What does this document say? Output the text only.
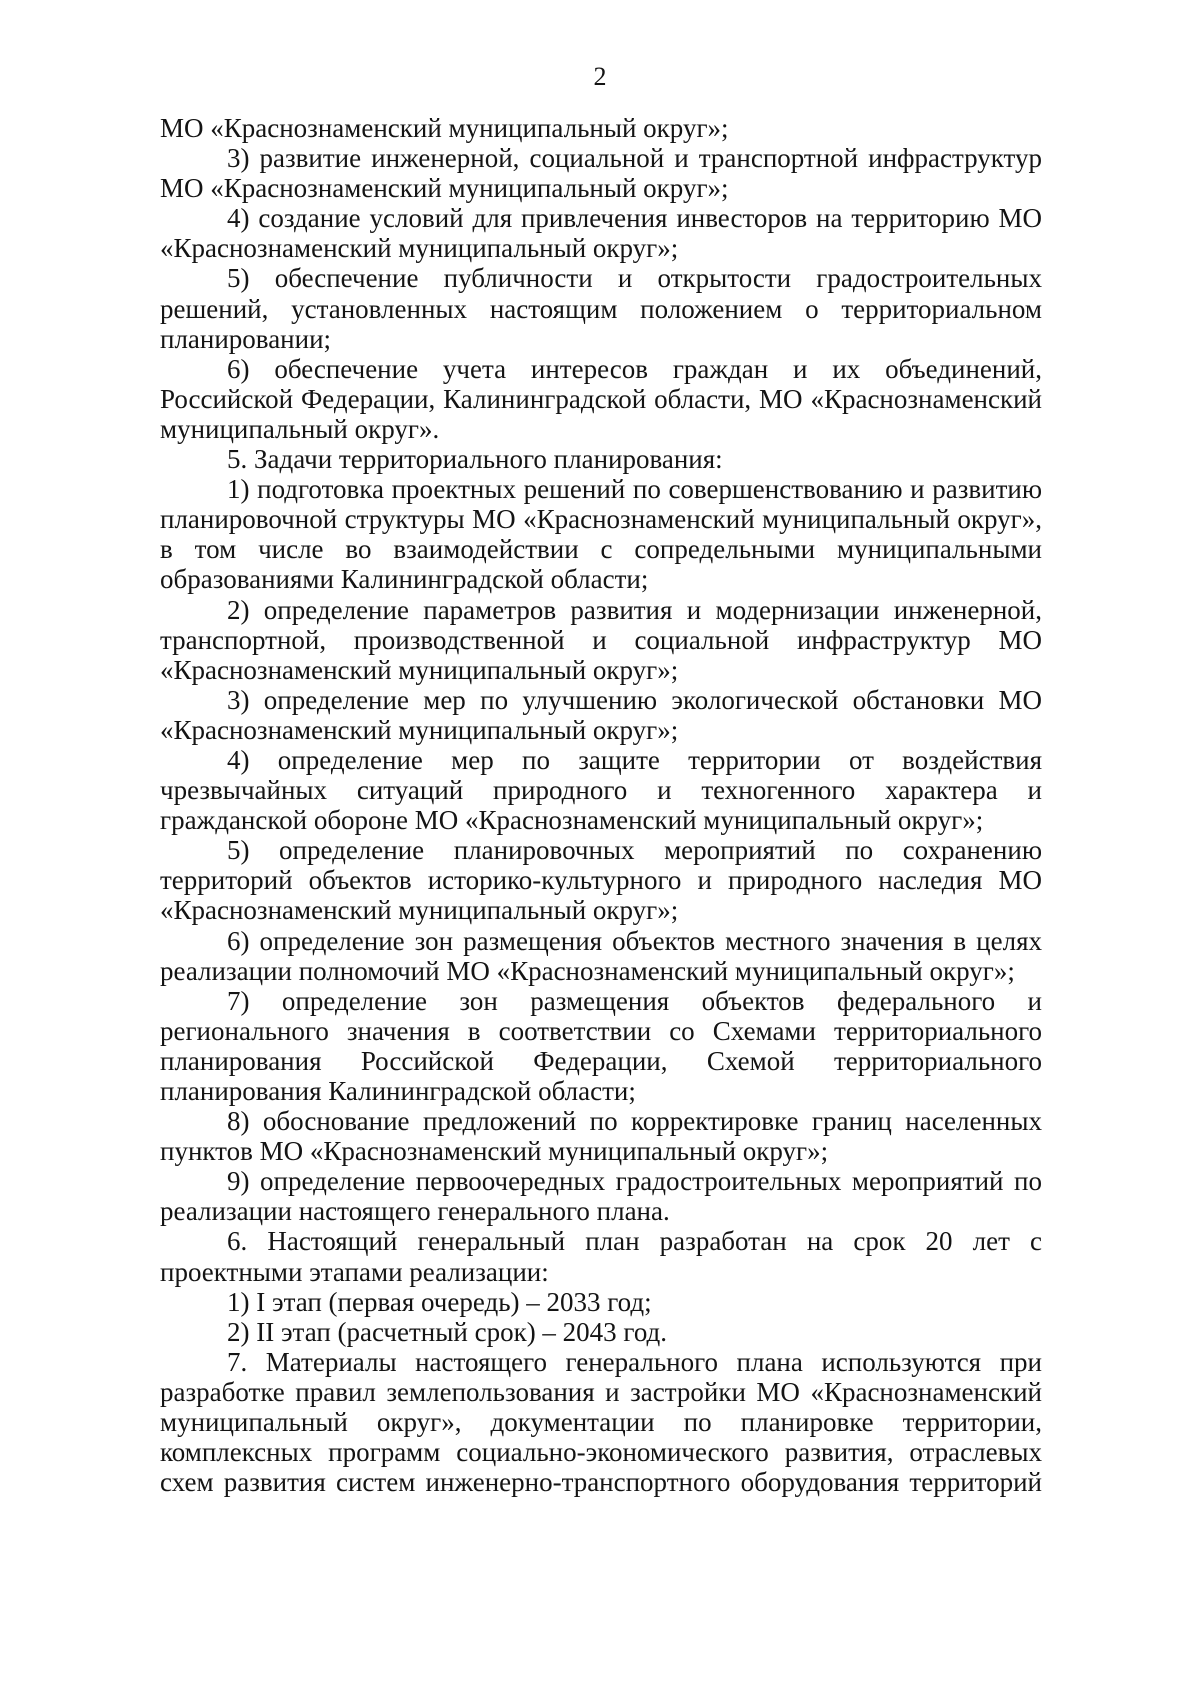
2

МО «Краснознаменский муниципальный округ»;

3) развитие инженерной, социальной и транспортной инфраструктур МО «Краснознаменский муниципальный округ»;

4) создание условий для привлечения инвесторов на территорию МО «Краснознаменский муниципальный округ»;

5) обеспечение публичности и открытости градостроительных решений, установленных настоящим положением о территориальном планировании;

6) обеспечение учета интересов граждан и их объединений, Российской Федерации, Калининградской области, МО «Краснознаменский муниципальный округ».

5. Задачи территориального планирования:

1) подготовка проектных решений по совершенствованию и развитию планировочной структуры МО «Краснознаменский муниципальный округ», в том числе во взаимодействии с сопредельными муниципальными образованиями Калининградской области;

2) определение параметров развития и модернизации инженерной, транспортной, производственной и социальной инфраструктур МО «Краснознаменский муниципальный округ»;

3) определение мер по улучшению экологической обстановки МО «Краснознаменский муниципальный округ»;

4) определение мер по защите территории от воздействия чрезвычайных ситуаций природного и техногенного характера и гражданской обороне МО «Краснознаменский муниципальный округ»;

5) определение планировочных мероприятий по сохранению территорий объектов историко-культурного и природного наследия МО «Краснознаменский муниципальный округ»;

6) определение зон размещения объектов местного значения в целях реализации полномочий МО «Краснознаменский муниципальный округ»;

7) определение зон размещения объектов федерального и регионального значения в соответствии со Схемами территориального планирования Российской Федерации, Схемой территориального планирования Калининградской области;

8) обоснование предложений по корректировке границ населенных пунктов МО «Краснознаменский муниципальный округ»;

9) определение первоочередных градостроительных мероприятий по реализации настоящего генерального плана.

6. Настоящий генеральный план разработан на срок 20 лет с проектными этапами реализации:

1) I этап (первая очередь) – 2033 год;

2) II этап (расчетный срок) – 2043 год.

7. Материалы настоящего генерального плана используются при разработке правил землепользования и застройки МО «Краснознаменский муниципальный округ», документации по планировке территории, комплексных программ социально-экономического развития, отраслевых схем развития систем инженерно-транспортного оборудования территорий
